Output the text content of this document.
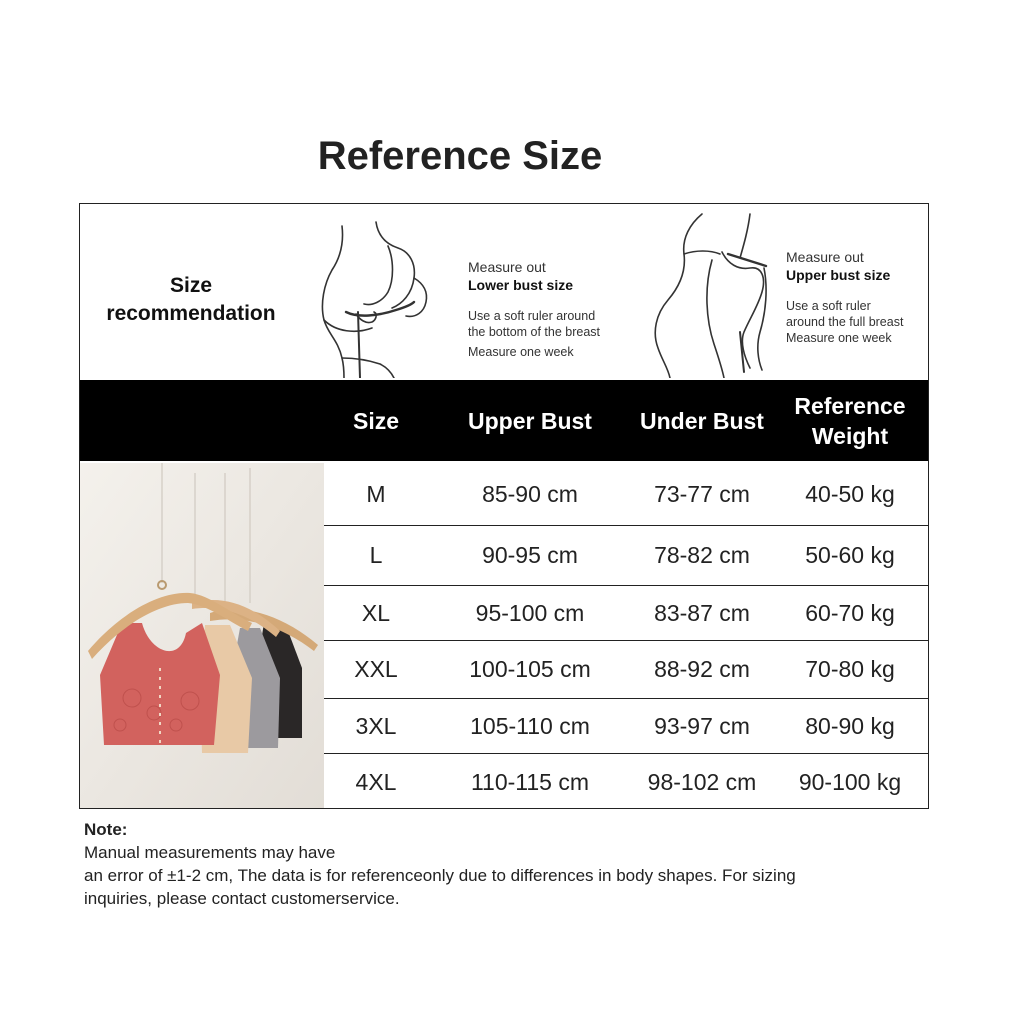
Reference Size
Size
recommendation
Measure out
Lower bust size
Use a soft ruler around
the bottom of the breast
Measure one week
Measure out
Upper bust size
Use a soft ruler
around the full breast
Measure one week
Size	Upper Bust	Under Bust
Reference
Weight
M	85-90 cm	73-77 cm	40-50 kg
L	90-95 cm	78-82 cm	50-60 kg
XL	95-100 cm	83-87 cm	60-70 kg
XXL	100-105 cm	88-92 cm	70-80 kg
3XL	105-110 cm	93-97 cm	80-90 kg
4XL	110-115 cm	98-102 cm	90-100 kg
Note:
Manual measurements may have
an error of ±1-2 cm, The data is for referenceonly due to differences in body shapes. For sizing
inquiries, please contact customerservice.
